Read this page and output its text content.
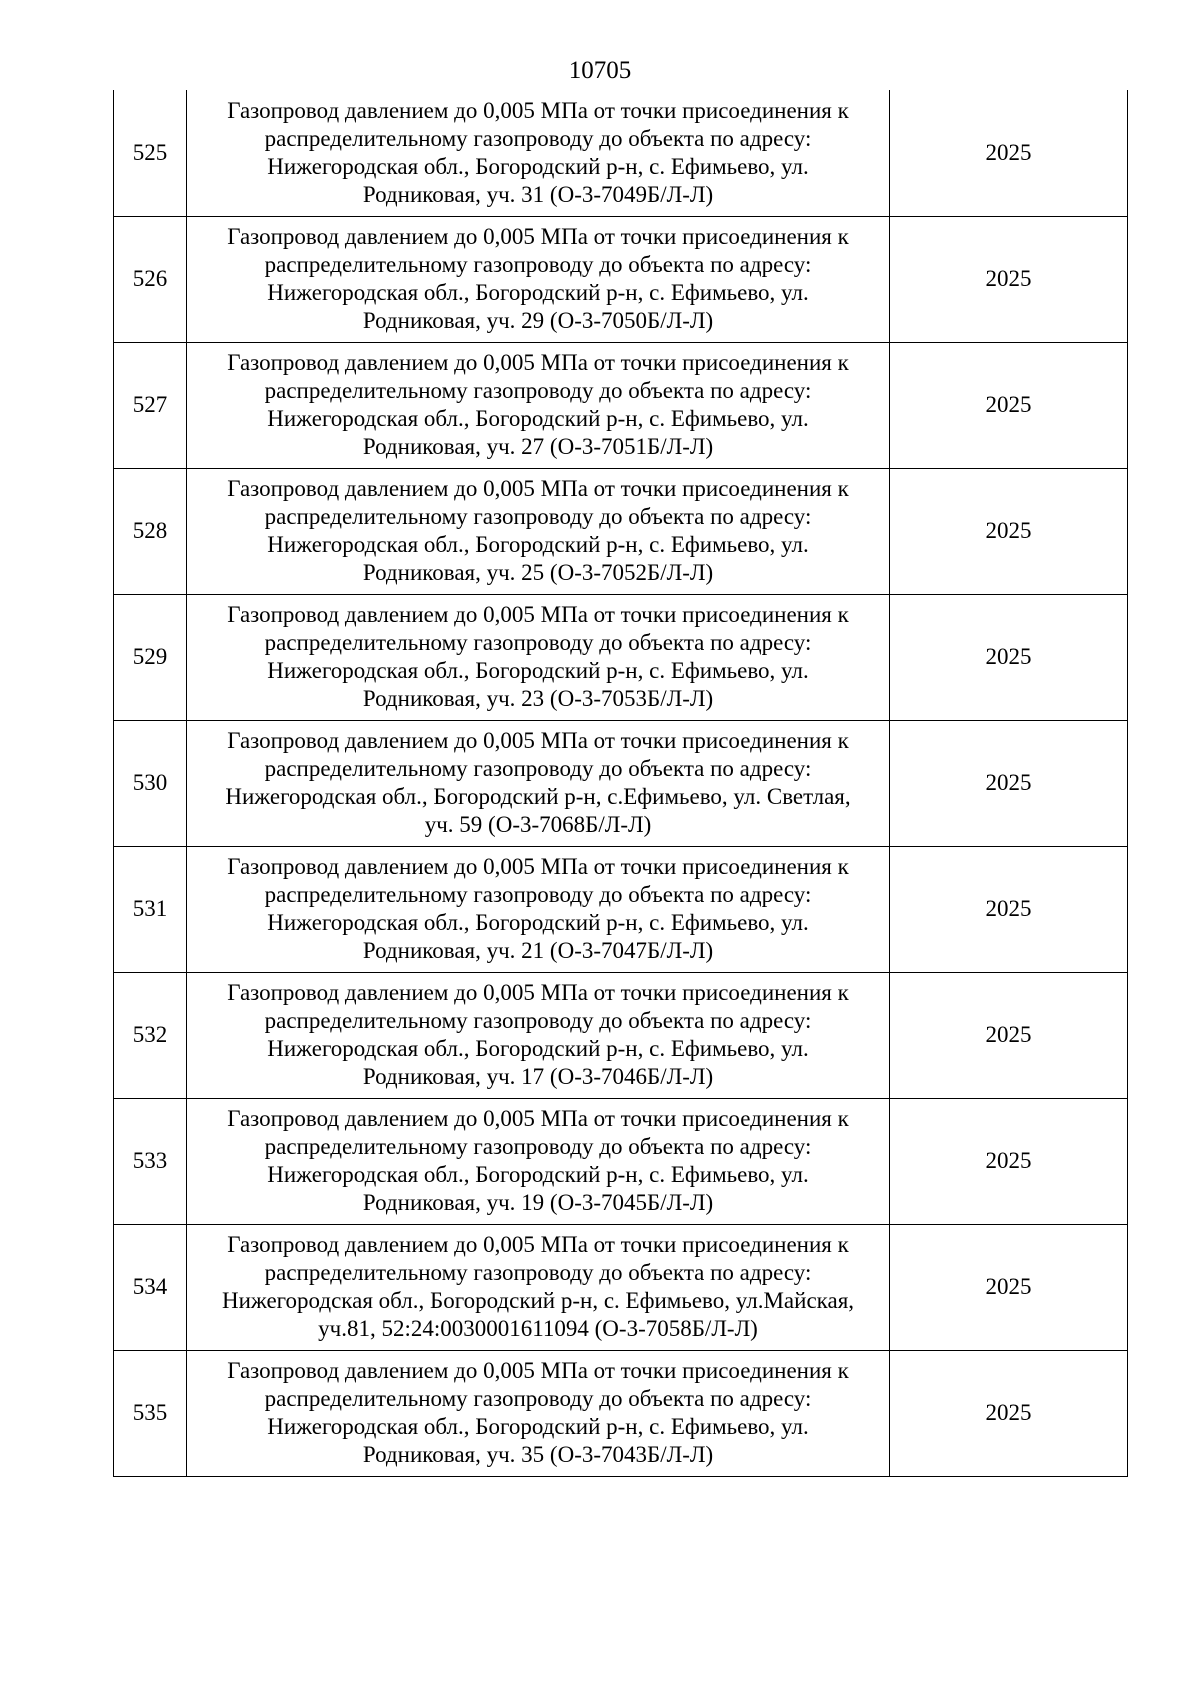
10705
525	Газопровод давлением до 0,005 МПа от точки присоединения к
распределительному газопроводу до объекта по адресу:
Нижегородская обл., Богородский р-н, с. Ефимьево, ул.
Родниковая, уч. 31 (О-3-7049Б/Л-Л)	2025
526	Газопровод давлением до 0,005 МПа от точки присоединения к
распределительному газопроводу до объекта по адресу:
Нижегородская обл., Богородский р-н, с. Ефимьево, ул.
Родниковая, уч. 29 (О-3-7050Б/Л-Л)	2025
527	Газопровод давлением до 0,005 МПа от точки присоединения к
распределительному газопроводу до объекта по адресу:
Нижегородская обл., Богородский р-н, с. Ефимьево, ул.
Родниковая, уч. 27 (О-3-7051Б/Л-Л)	2025
528	Газопровод давлением до 0,005 МПа от точки присоединения к
распределительному газопроводу до объекта по адресу:
Нижегородская обл., Богородский р-н, с. Ефимьево, ул.
Родниковая, уч. 25 (О-3-7052Б/Л-Л)	2025
529	Газопровод давлением до 0,005 МПа от точки присоединения к
распределительному газопроводу до объекта по адресу:
Нижегородская обл., Богородский р-н, с. Ефимьево, ул.
Родниковая, уч. 23 (О-3-7053Б/Л-Л)	2025
530	Газопровод давлением до 0,005 МПа от точки присоединения к
распределительному газопроводу до объекта по адресу:
Нижегородская обл., Богородский р-н, с.Ефимьево, ул. Светлая,
уч. 59 (О-3-7068Б/Л-Л)	2025
531	Газопровод давлением до 0,005 МПа от точки присоединения к
распределительному газопроводу до объекта по адресу:
Нижегородская обл., Богородский р-н, с. Ефимьево, ул.
Родниковая, уч. 21 (О-3-7047Б/Л-Л)	2025
532	Газопровод давлением до 0,005 МПа от точки присоединения к
распределительному газопроводу до объекта по адресу:
Нижегородская обл., Богородский р-н, с. Ефимьево, ул.
Родниковая, уч. 17 (О-3-7046Б/Л-Л)	2025
533	Газопровод давлением до 0,005 МПа от точки присоединения к
распределительному газопроводу до объекта по адресу:
Нижегородская обл., Богородский р-н, с. Ефимьево, ул.
Родниковая, уч. 19 (О-3-7045Б/Л-Л)	2025
534	Газопровод давлением до 0,005 МПа от точки присоединения к
распределительному газопроводу до объекта по адресу:
Нижегородская обл., Богородский р-н, с. Ефимьево, ул.Майская,
уч.81, 52:24:0030001611094 (О-3-7058Б/Л-Л)	2025
535	Газопровод давлением до 0,005 МПа от точки присоединения к
распределительному газопроводу до объекта по адресу:
Нижегородская обл., Богородский р-н, с. Ефимьево, ул.
Родниковая, уч. 35 (О-3-7043Б/Л-Л)	2025
